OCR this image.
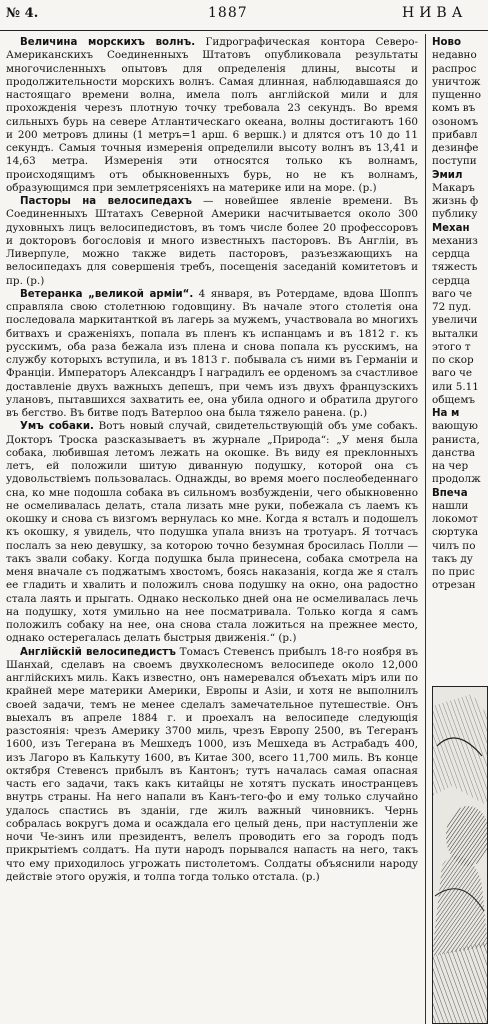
№ 4.	1887	НИВА

Величина морскихъ волнъ. Гидрографическая контора Северо-Американскихъ Соединенныхъ Штатовъ опубликовала результаты многочисленныхъ опытовъ для определенія длины, высоты и продолжительности морскихъ волнъ. Самая длинная, наблюдавшаяся до настоящаго времени волна, имела полъ англійской мили и для прохожденія черезъ плотную точку требовала 23 секундъ. Во время сильныхъ бурь на севере Атлантическаго океана, волны достигаютъ 160 и 200 метровъ длины (1 метръ=1 арш. 6 вершк.) и длятся отъ 10 до 11 секундъ. Самыя точныя измеренія определили высоту волнъ въ 13,41 и 14,63 метра. Измеренія эти относятся только къ волнамъ, происходящимъ отъ обыкновенныхъ бурь, но не къ волнамъ, образующимся при землетрясеніяхъ на материке или на море. (р.)

Пасторы на велосипедахъ — новейшее явленіе времени. Въ Соединенныхъ Штатахъ Северной Америки насчитывается около 300 духовныхъ лицъ велосипедистовъ, въ томъ числе более 20 профессоровъ и докторовъ богословія и много известныхъ пасторовъ. Въ Англіи, въ Ливерпуле, можно также видеть пасторовъ, разъезжающихъ на велосипедахъ для совершенія требъ, посещенія заседаній комитетовъ и пр. (р.)

Ветеранка „великой арміи“. 4 января, въ Ротердаме, вдова Шоппъ справляла свою столетнюю годовщину. Въ начале этого столетія она последовала маркитанткой въ лагерь за мужемъ, участвовала во многихъ битвахъ и сраженіяхъ, попала въ пленъ къ испанцамъ и въ 1812 г. къ русскимъ, оба раза бежала изъ плена и снова попала къ русскимъ, на службу которыхъ вступила, и въ 1813 г. побывала съ ними въ Германіи и Франціи. Императоръ Александръ I наградилъ ее орденомъ за счастливое доставленіе двухъ важныхъ депешъ, при чемъ изъ двухъ французскихъ улановъ, пытавшихся захватить ее, она убила одного и обратила другого въ бегство. Въ битве подъ Ватерлоо она была тяжело ранена. (р.)

Умъ собаки. Вотъ новый случай, свидетельствующій объ уме собакъ. Докторъ Троска разсказываетъ въ журнале „Природа“: „У меня была собака, любившая летомъ лежать на окошке. Въ виду ея преклонныхъ летъ, ей положили шитую диванную подушку, которой она съ удовольствіемъ пользовалась. Однажды, во время моего послеобеденнаго сна, ко мне подошла собака въ сильномъ возбужденіи, чего обыкновенно не осмеливалась делать, стала лизать мне руки, побежала съ лаемъ къ окошку и снова съ визгомъ вернулась ко мне. Когда я всталъ и подошелъ къ окошку, я увидель, что подушка упала внизъ на тротуаръ. Я тотчасъ послалъ за нею девушку, за которою точно безумная бросилась Полли — такъ звали собаку. Когда подушка была принесена, собака смотрела на меня вначале съ поджатымъ хвостомъ, боясь наказанія, когда же я сталъ ее гладить и хвалить и положилъ снова подушку на окно, она радостно стала лаять и прыгать. Однако несколько дней она не осмеливалась лечь на подушку, хотя умильно на нее посматривала. Только когда я самъ положилъ собаку на нее, она снова стала ложиться на прежнее место, однако остерегалась делать быстрыя движенія.“ (р.)

Англійскій велосипедистъ Томасъ Стевенсъ прибылъ 18-го ноября въ Шанхай, сделавъ на своемъ двухколесномъ велосипеде около 12,000 англійскихъ миль. Какъ известно, онъ намеревался объехать міръ или по крайней мере материки Америки, Европы и Азіи, и хотя не выполнилъ своей задачи, темъ не менее сделалъ замечательное путешествіе. Онъ выехалъ въ апреле 1884 г. и проехалъ на велосипеде следующія разстоянія: чрезъ Америку 3700 миль, чрезъ Европу 2500, въ Тегеранъ 1600, изъ Тегерана въ Мешхедъ 1000, изъ Мешхеда въ Астрабадъ 400, изъ Лагоро въ Калькуту 1600, въ Китае 300, всего 11,700 миль. Въ конце октября Стевенсъ прибылъ въ Кантонъ; тутъ началась самая опасная часть его задачи, такъ какъ китайцы не хотятъ пускать иностранцевъ внутрь страны. На него напали въ Канъ-тего-фо и ему только случайно удалось спастись въ зданіи, где жилъ важный чиновникъ. Чернь собралась вокругъ дома и осаждала его целый день, при наступленіи же ночи Че-зинъ или президентъ, велелъ проводить его за городъ подъ прикрытіемъ солдатъ. На пути народъ порывался напасть на него, такъ что ему приходилось угрожать пистолетомъ. Солдаты объяснили народу действіе этого оружія, и толпа тогда только отстала. (р.)

Ново
недавно
распрос
уничтож
пущенно
комъ въ
озономъ
прибавл
дезинфе
поступи
Эмил
Макаръ
жизнь ф
публику
Механ
механиз
сердца
тяжесть
сердца
ваго че
72 пуд.
увеличи
выталки
этого т
по скор
ваго че
или 5.11
общемъ
На м
вающую
раниста,
данства
на чер
продолж
Впеча
нашли
локомот
сюртука
чилъ по
такъ ду
по прис
отрезан
